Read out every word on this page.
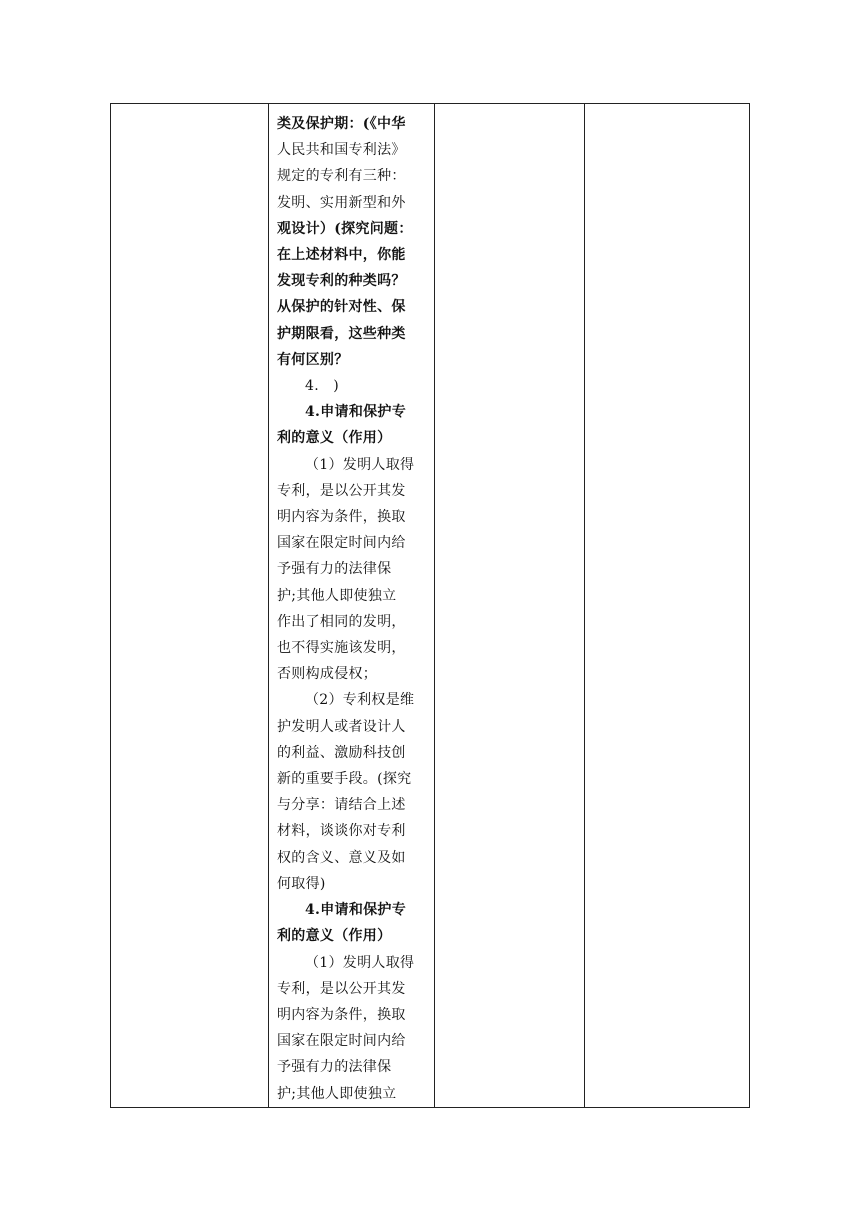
类及保护期：(《中华
人民共和国专利法》
规定的专利有三种：
发明、实用新型和外
观设计）(探究问题：
在上述材料中，你能
发现专利的种类吗？
从保护的针对性、保
护期限看，这些种类
有何区别？
4.　)
4.申请和保护专
利的意义（作用）
（1）发明人取得
专利，是以公开其发
明内容为条件，换取
国家在限定时间内给
予强有力的法律保
护;其他人即使独立
作出了相同的发明，
也不得实施该发明，
否则构成侵权；
（2）专利权是维
护发明人或者设计人
的利益、激励科技创
新的重要手段。(探究
与分享：请结合上述
材料，谈谈你对专利
权的含义、意义及如
何取得)
4.申请和保护专
利的意义（作用）
（1）发明人取得
专利，是以公开其发
明内容为条件，换取
国家在限定时间内给
予强有力的法律保
护;其他人即使独立
